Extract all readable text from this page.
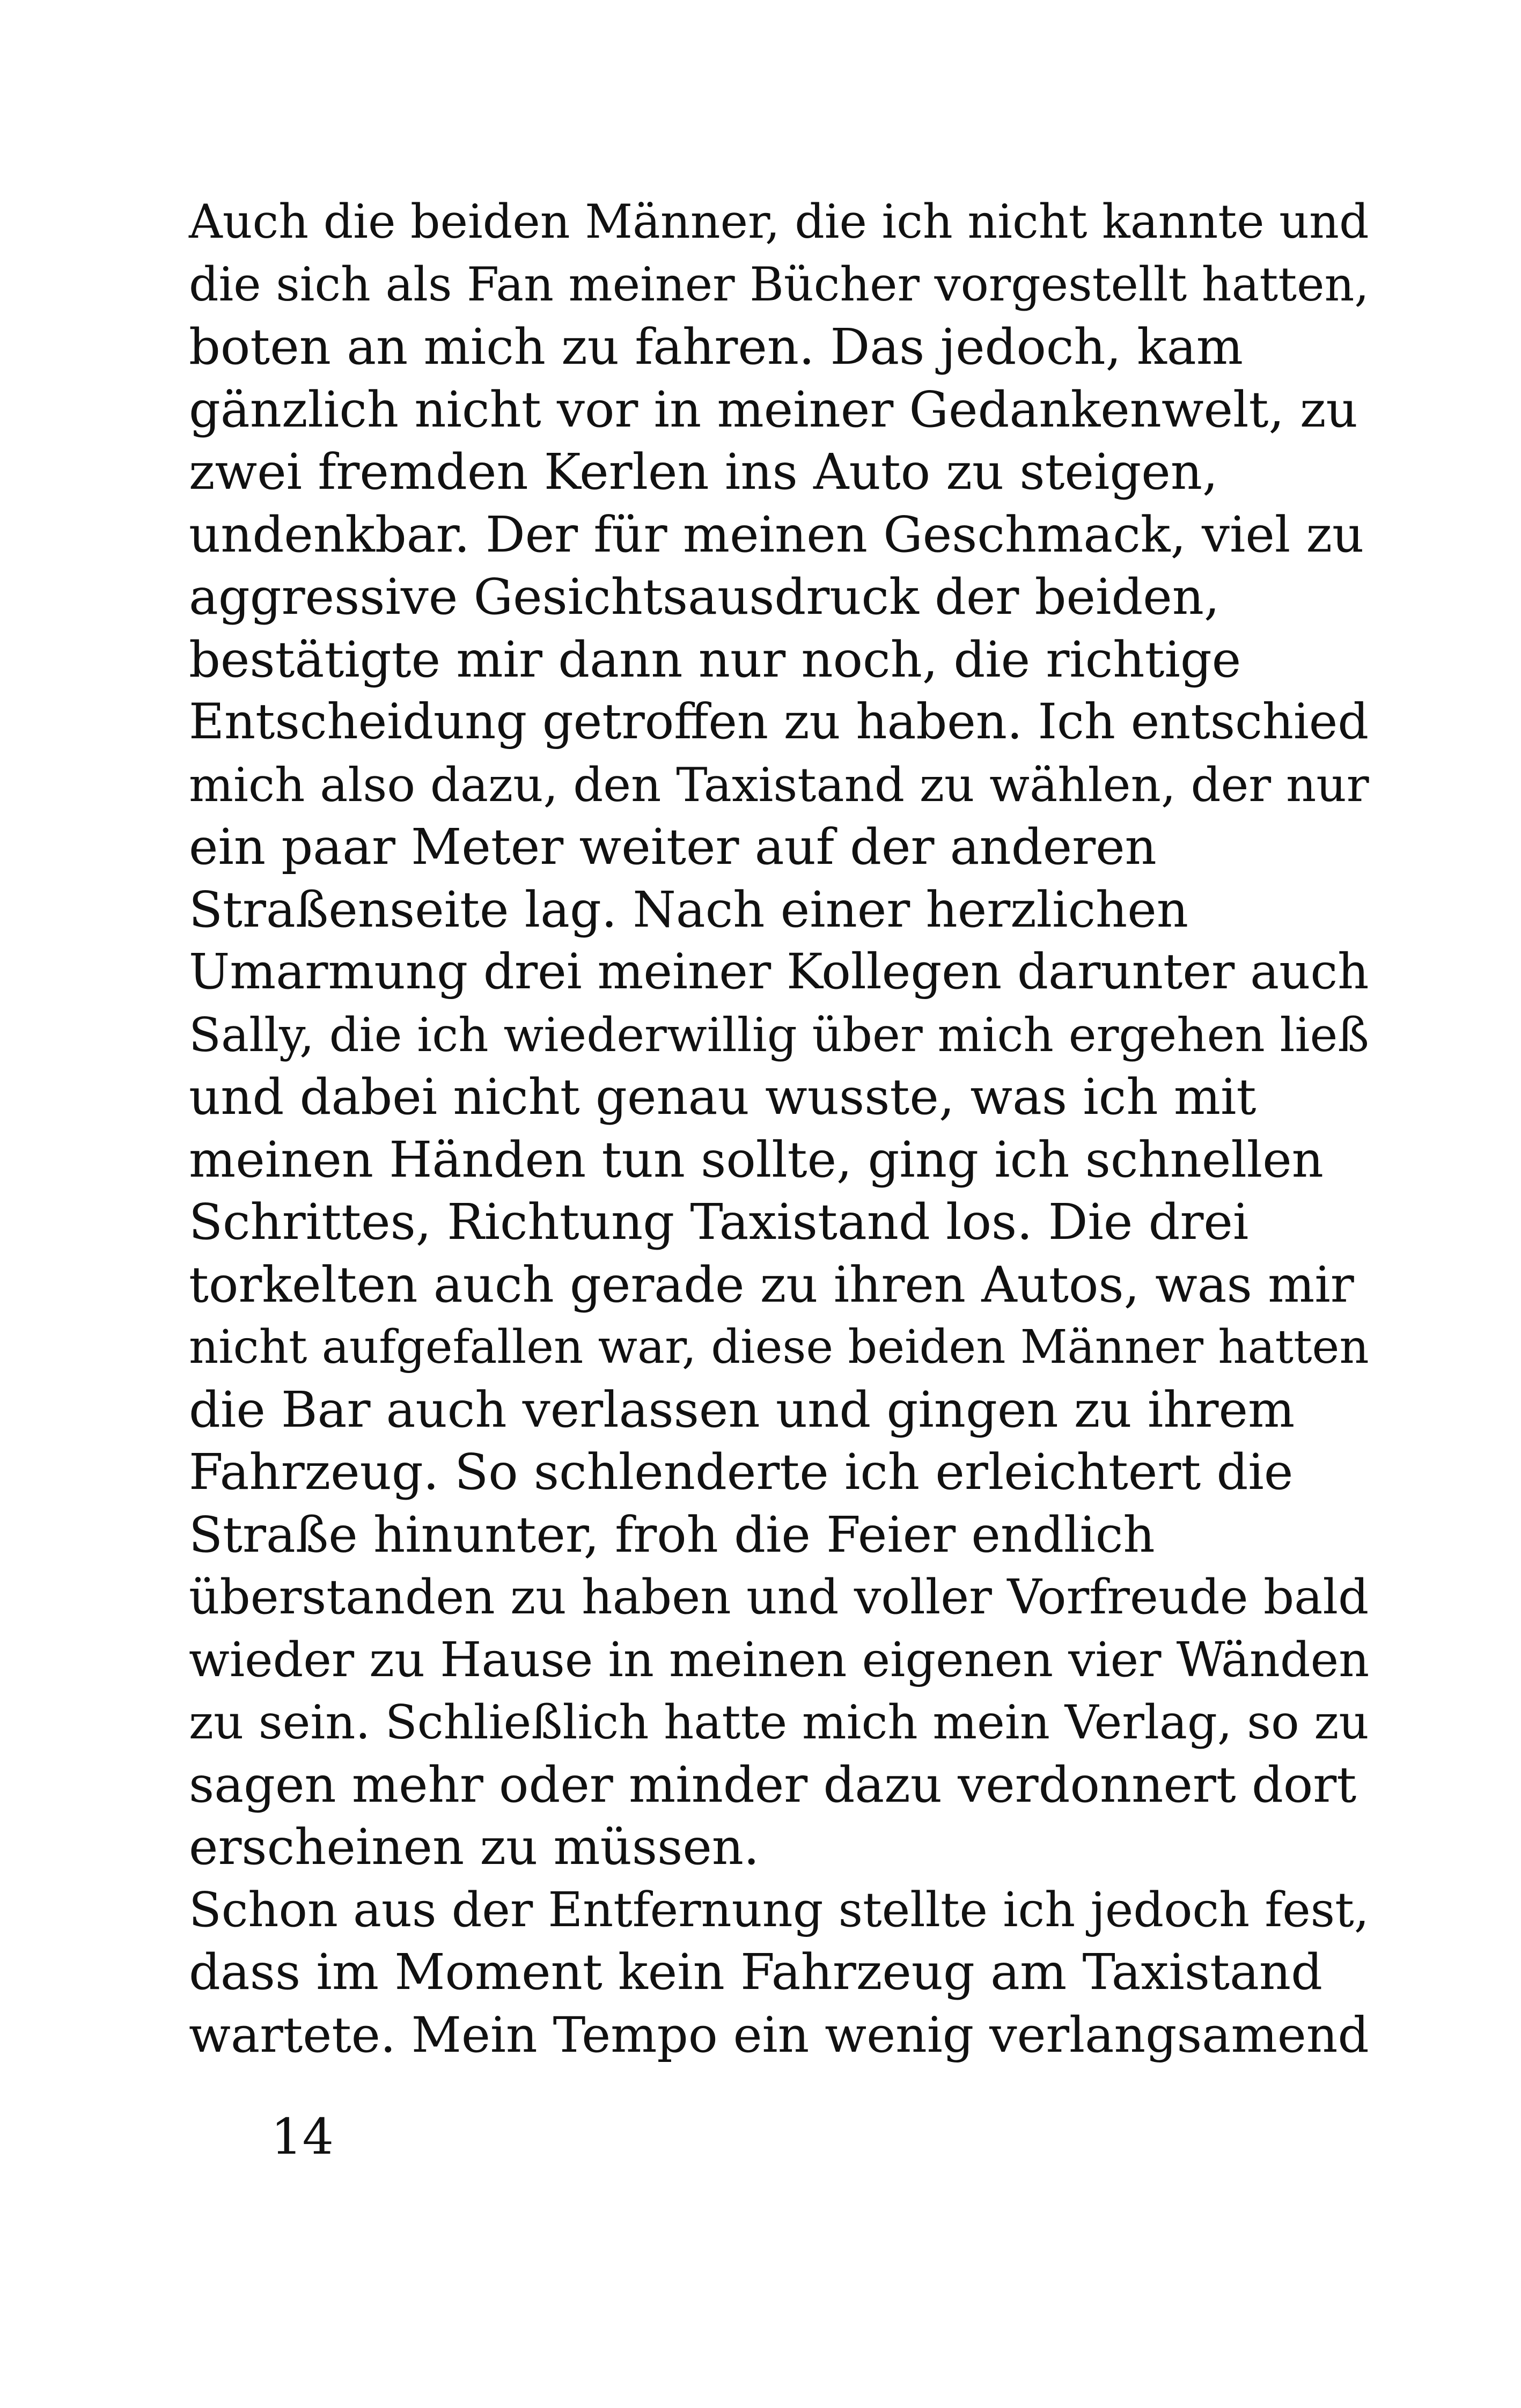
Auch die beiden Männer, die ich nicht kannte und
die sich als Fan meiner Bücher vorgestellt hatten,
boten an mich zu fahren. Das jedoch, kam
gänzlich nicht vor in meiner Gedankenwelt, zu
zwei fremden Kerlen ins Auto zu steigen,
undenkbar. Der für meinen Geschmack, viel zu
aggressive Gesichtsausdruck der beiden,
bestätigte mir dann nur noch, die richtige
Entscheidung getroffen zu haben. Ich entschied
mich also dazu, den Taxistand zu wählen, der nur
ein paar Meter weiter auf der anderen
Straßenseite lag. Nach einer herzlichen
Umarmung drei meiner Kollegen darunter auch
Sally, die ich wiederwillig über mich ergehen ließ
und dabei nicht genau wusste, was ich mit
meinen Händen tun sollte, ging ich schnellen
Schrittes, Richtung Taxistand los. Die drei
torkelten auch gerade zu ihren Autos, was mir
nicht aufgefallen war, diese beiden Männer hatten
die Bar auch verlassen und gingen zu ihrem
Fahrzeug. So schlenderte ich erleichtert die
Straße hinunter, froh die Feier endlich
überstanden zu haben und voller Vorfreude bald
wieder zu Hause in meinen eigenen vier Wänden
zu sein. Schließlich hatte mich mein Verlag, so zu
sagen mehr oder minder dazu verdonnert dort
erscheinen zu müssen.
Schon aus der Entfernung stellte ich jedoch fest,
dass im Moment kein Fahrzeug am Taxistand
wartete. Mein Tempo ein wenig verlangsamend
14
